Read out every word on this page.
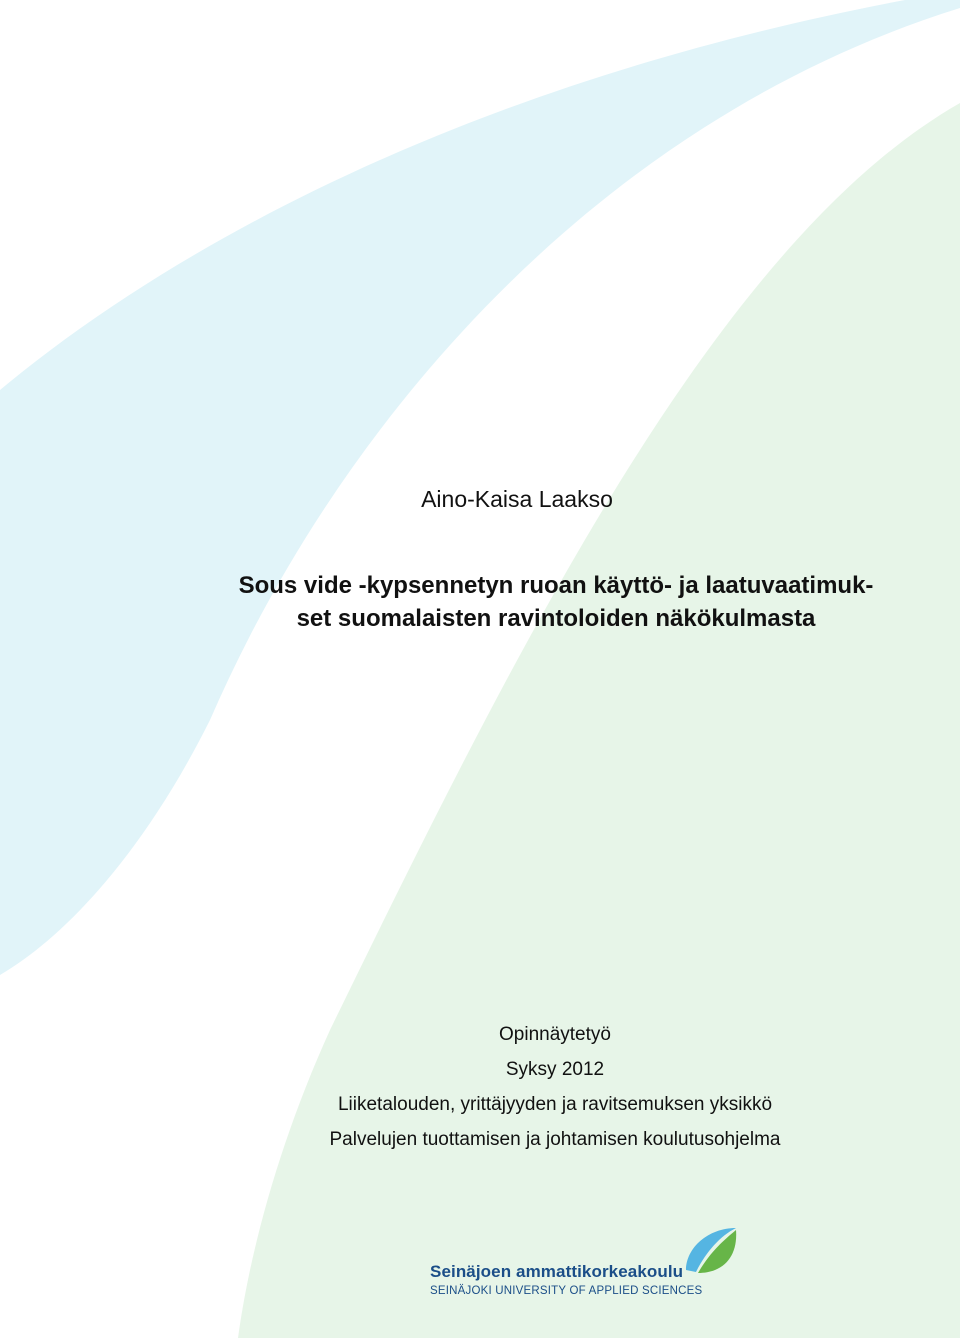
Aino-Kaisa Laakso
Sous vide -kypsennetyn ruoan käyttö- ja laatuvaatimuk-
set suomalaisten ravintoloiden näkökulmasta
Opinnäytetyö
Syksy 2012
Liiketalouden, yrittäjyyden ja ravitsemuksen yksikkö
Palvelujen tuottamisen ja johtamisen koulutusohjelma
Seinäjoen ammattikorkeakoulu
SEINÄJOKI UNIVERSITY OF APPLIED SCIENCES
